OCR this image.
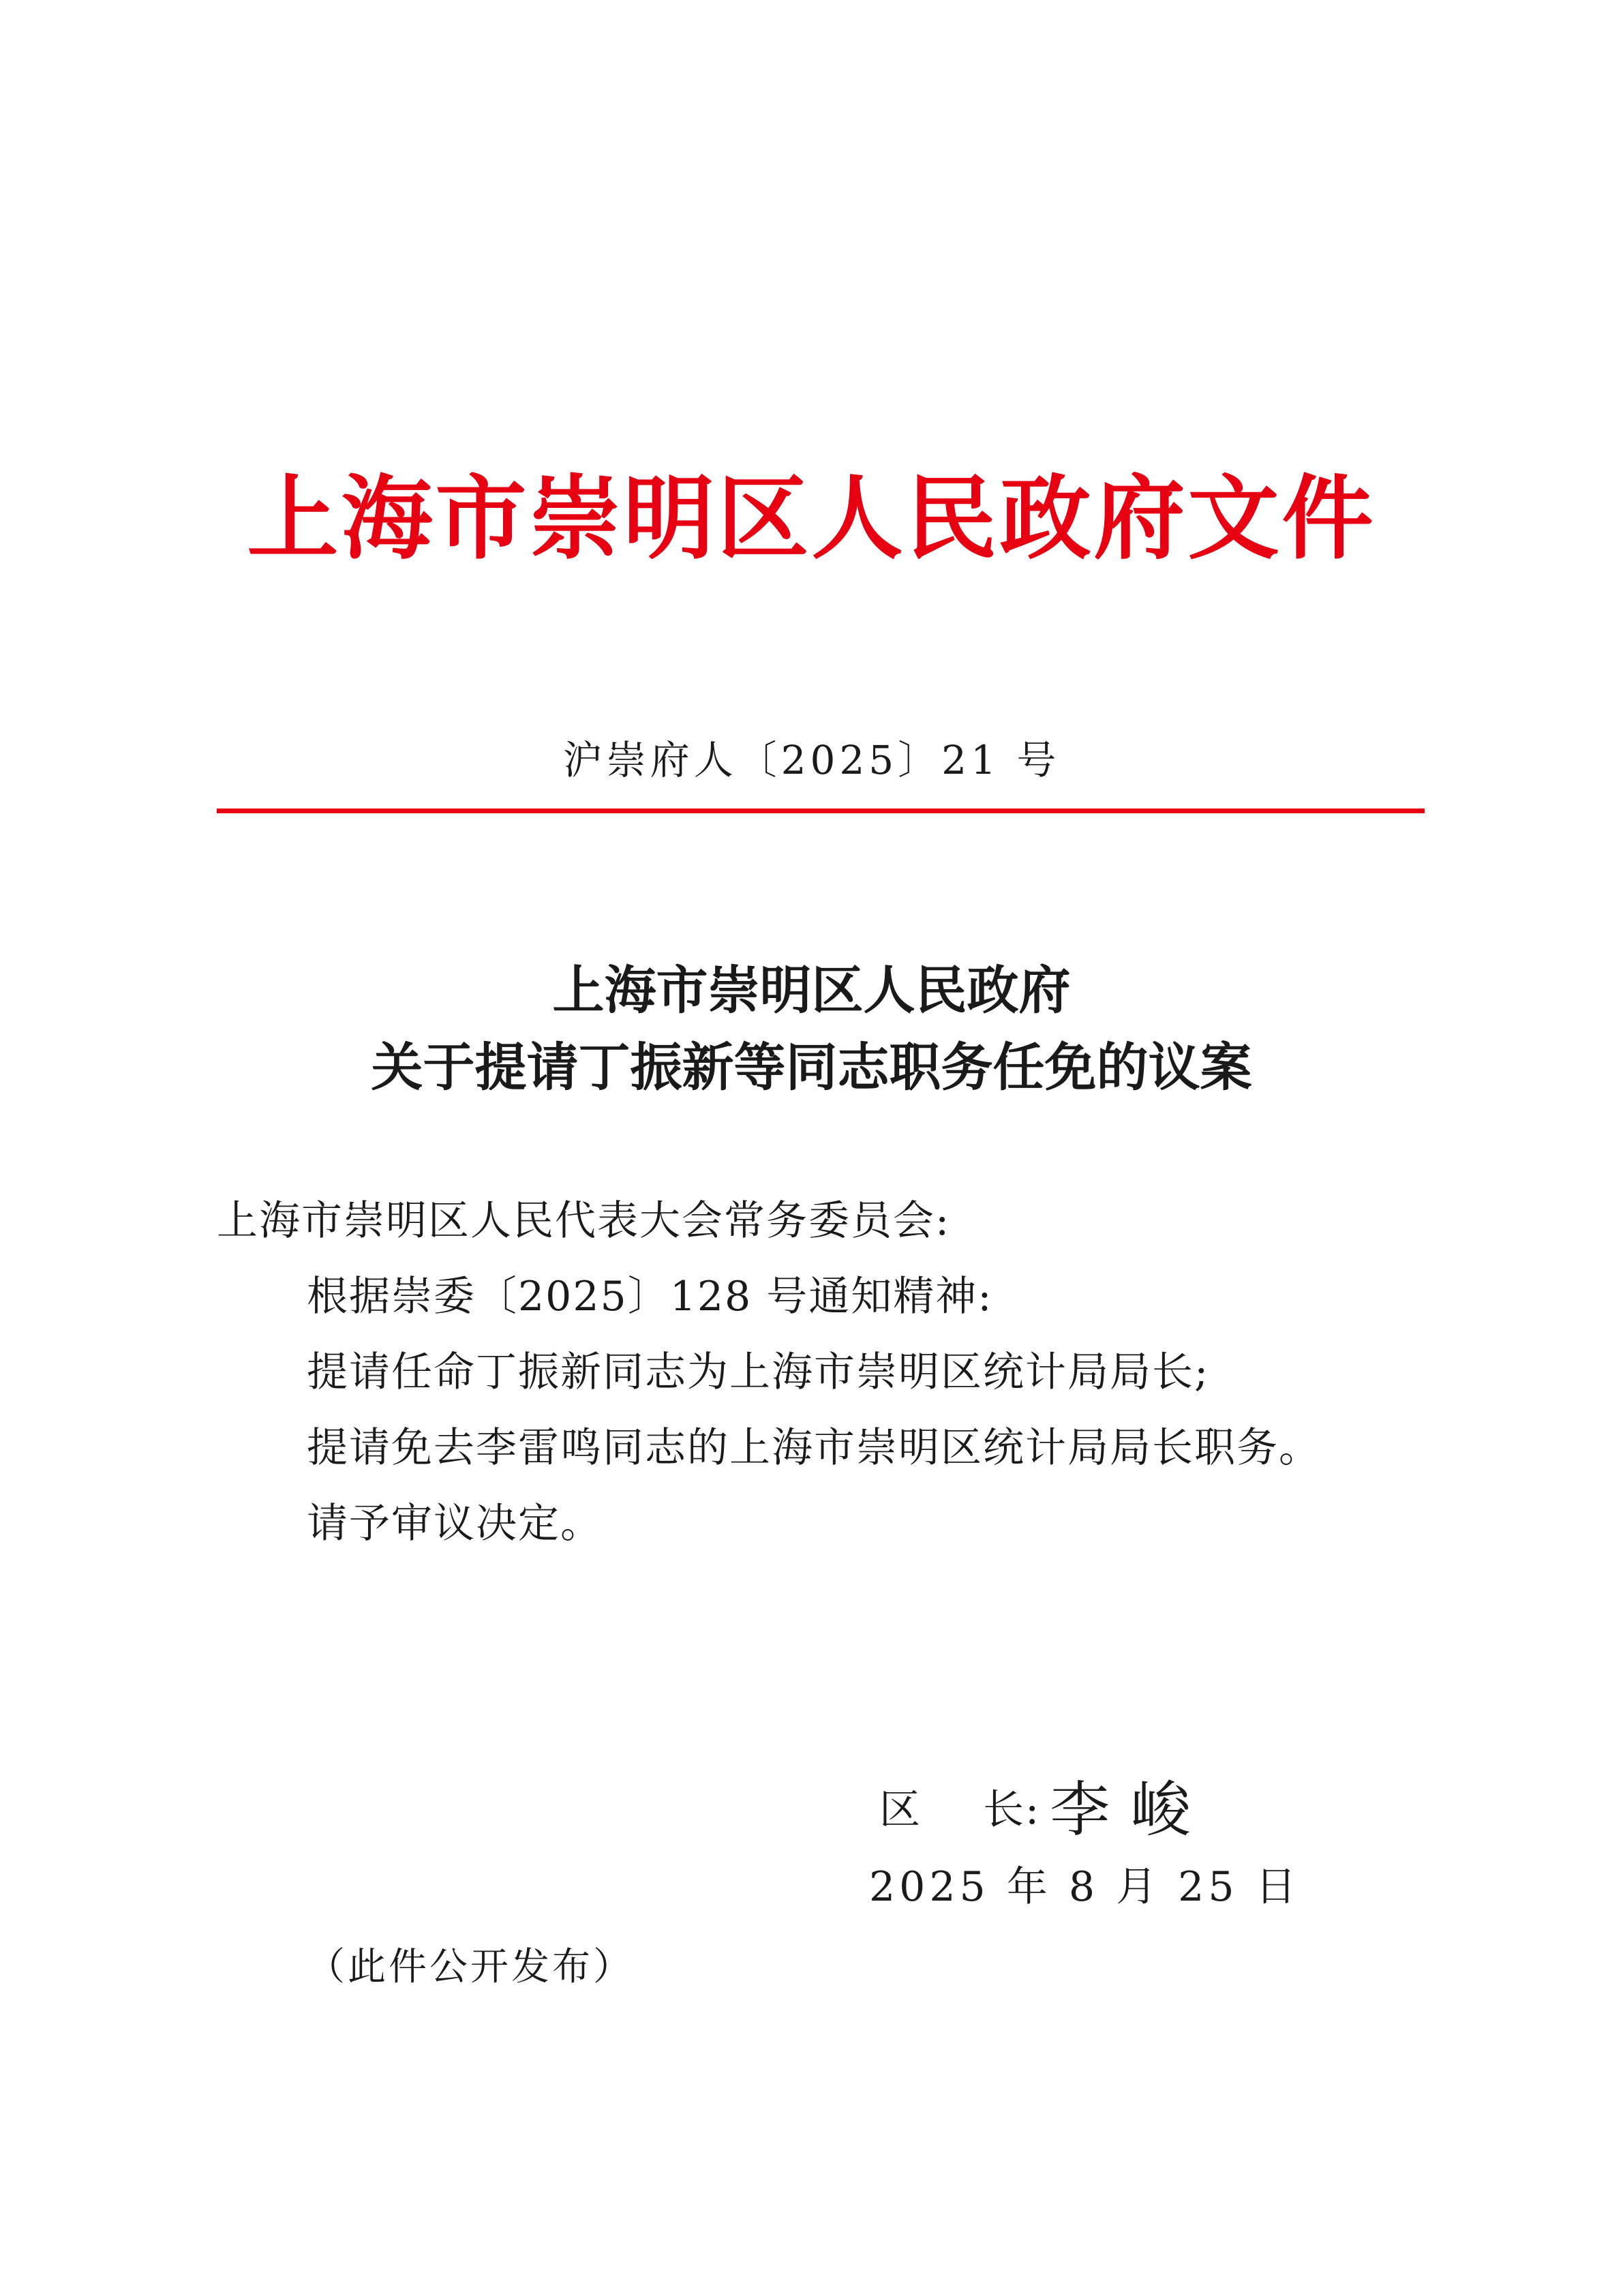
上海市崇明区人民政府文件
沪崇府人〔2025〕21 号
上海市崇明区人民政府
关于提请丁振新等同志职务任免的议案
上海市崇明区人民代表大会常务委员会:
根据崇委〔2025〕128 号通知精神:
提请任命丁振新同志为上海市崇明区统计局局长;
提请免去李雷鸣同志的上海市崇明区统计局局长职务。
请予审议决定。
区 长: 李峻
2025 年 8 月 25 日
（此件公开发布）
